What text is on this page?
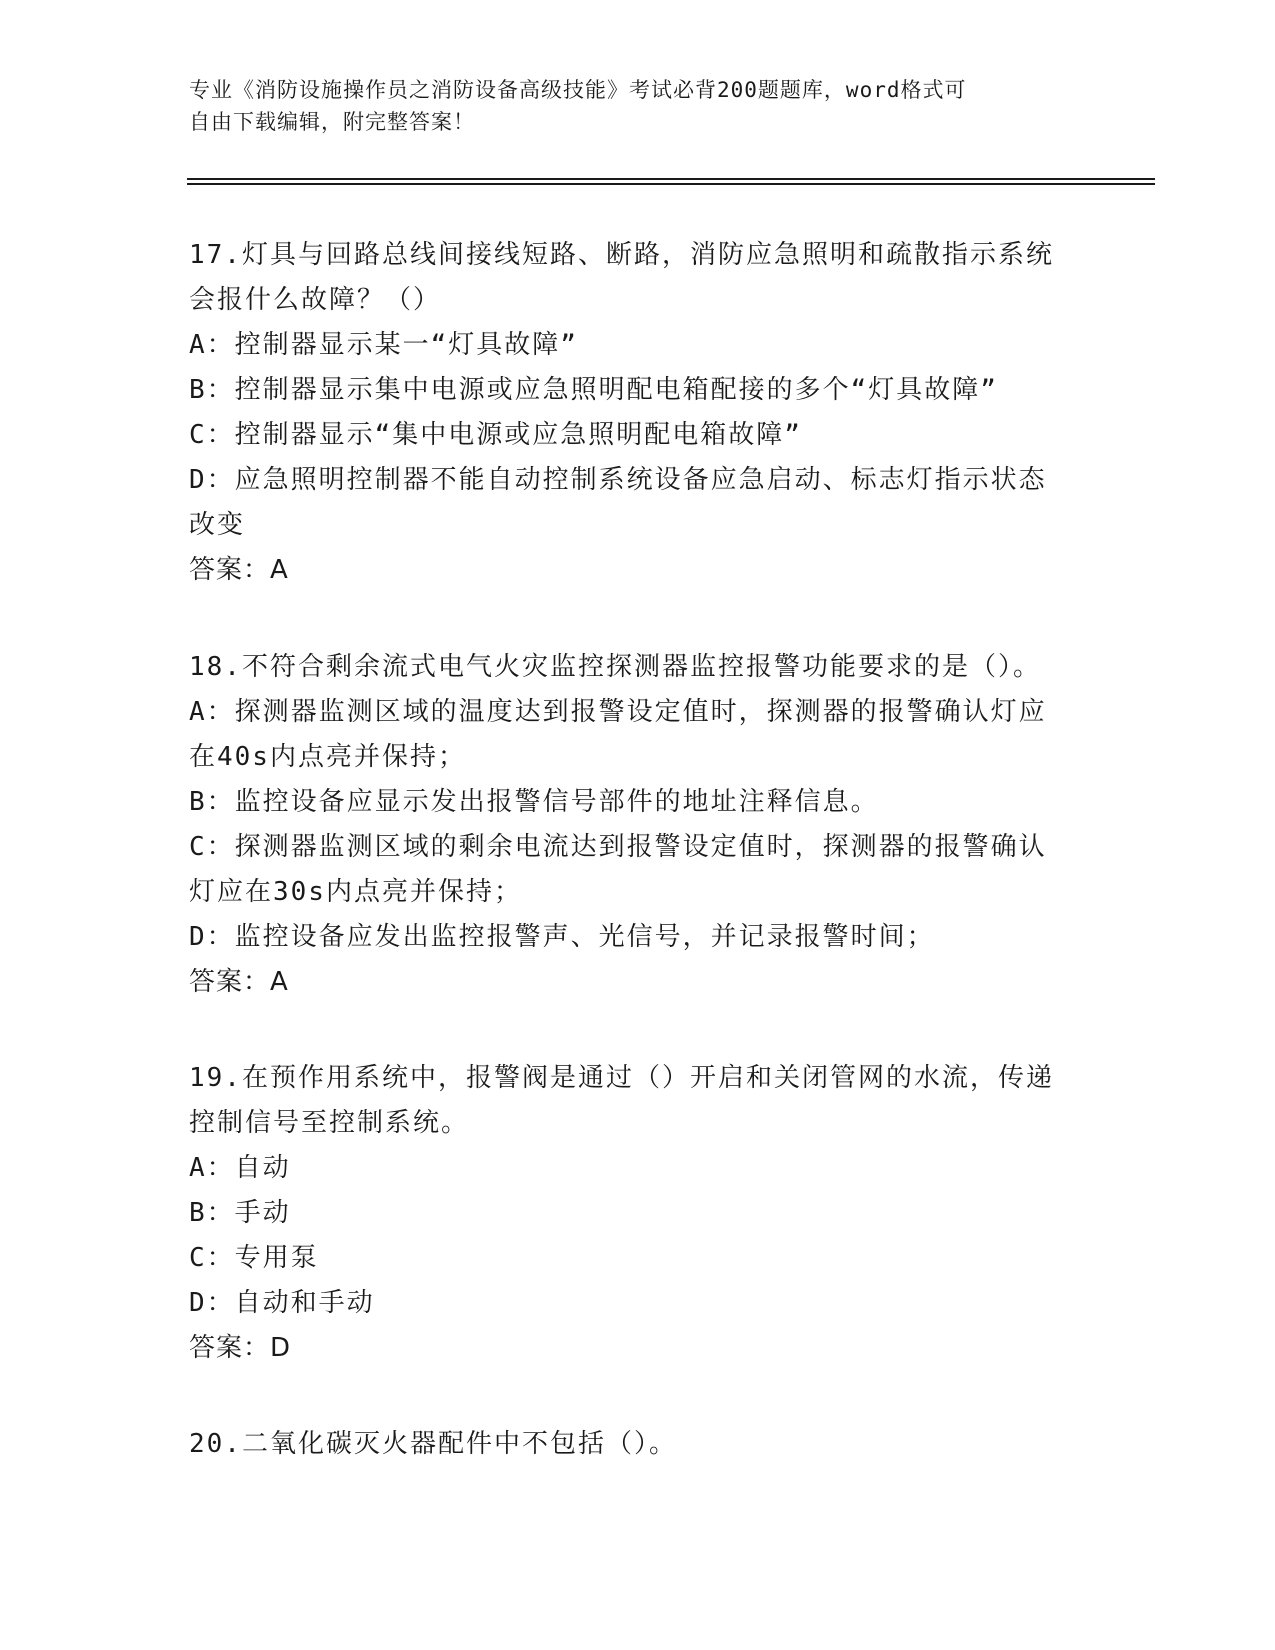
专业《消防设施操作员之消防设备高级技能》考试必背200题题库，word格式可
自由下载编辑，附完整答案！
17.灯具与回路总线间接线短路、断路，消防应急照明和疏散指示系统
会报什么故障？（）
A：控制器显示某一“灯具故障”
B：控制器显示集中电源或应急照明配电箱配接的多个“灯具故障”
C：控制器显示“集中电源或应急照明配电箱故障”
D：应急照明控制器不能自动控制系统设备应急启动、标志灯指示状态
改变
答案：A
18.不符合剩余流式电气火灾监控探测器监控报警功能要求的是（）。
A：探测器监测区域的温度达到报警设定值时，探测器的报警确认灯应
在40s内点亮并保持；
B：监控设备应显示发出报警信号部件的地址注释信息。
C：探测器监测区域的剩余电流达到报警设定值时，探测器的报警确认
灯应在30s内点亮并保持；
D：监控设备应发出监控报警声、光信号，并记录报警时间；
答案：A
19.在预作用系统中，报警阀是通过（）开启和关闭管网的水流，传递
控制信号至控制系统。
A：自动
B：手动
C：专用泵
D：自动和手动
答案：D
20.二氧化碳灭火器配件中不包括（）。
